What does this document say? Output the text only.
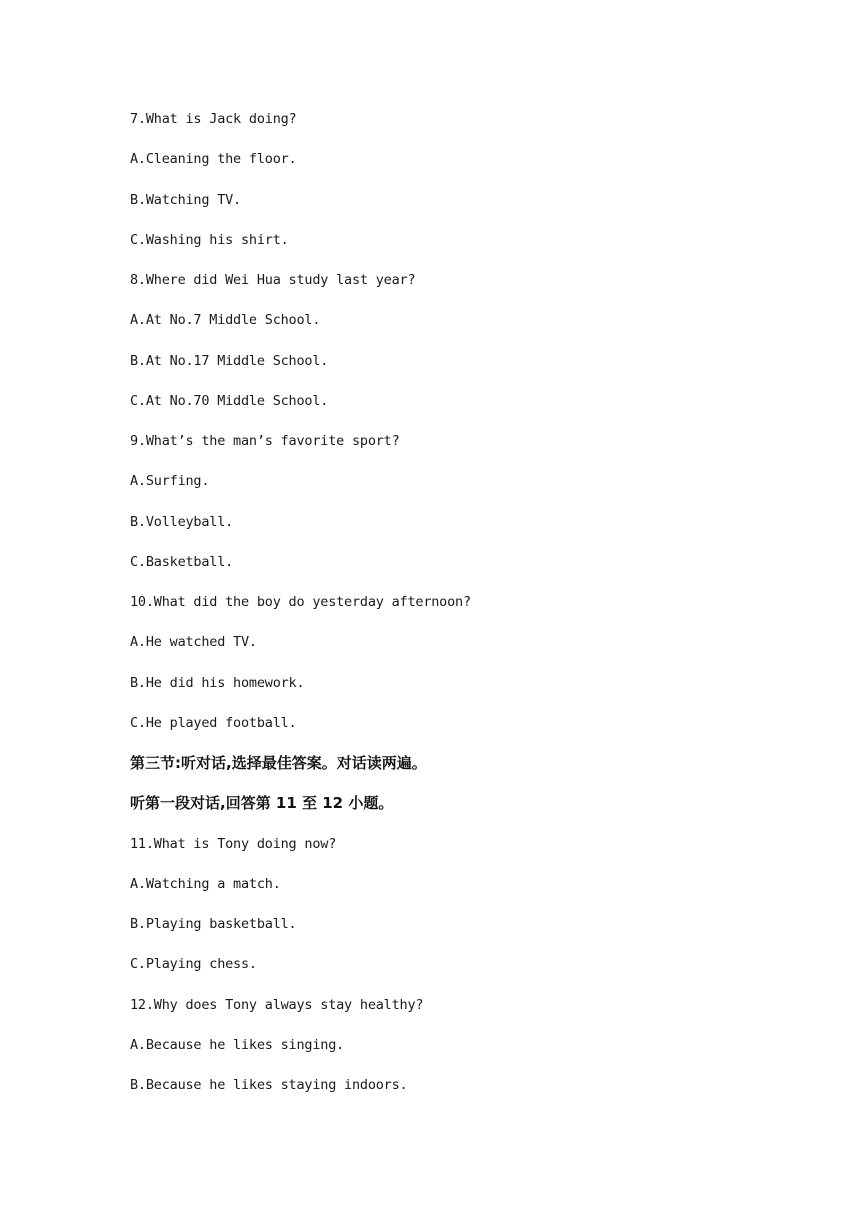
7.What is Jack doing?
A.Cleaning the floor.
B.Watching TV.
C.Washing his shirt.
8.Where did Wei Hua study last year?
A.At No.7 Middle School.
B.At No.17 Middle School.
C.At No.70 Middle School.
9.What’s the man’s favorite sport?
A.Surfing.
B.Volleyball.
C.Basketball.
10.What did the boy do yesterday afternoon?
A.He watched TV.
B.He did his homework.
C.He played football.
第三节:听对话,选择最佳答案。对话读两遍。
听第一段对话,回答第 11 至 12 小题。
11.What is Tony doing now?
A.Watching a match.
B.Playing basketball.
C.Playing chess.
12.Why does Tony always stay healthy?
A.Because he likes singing.
B.Because he likes staying indoors.
